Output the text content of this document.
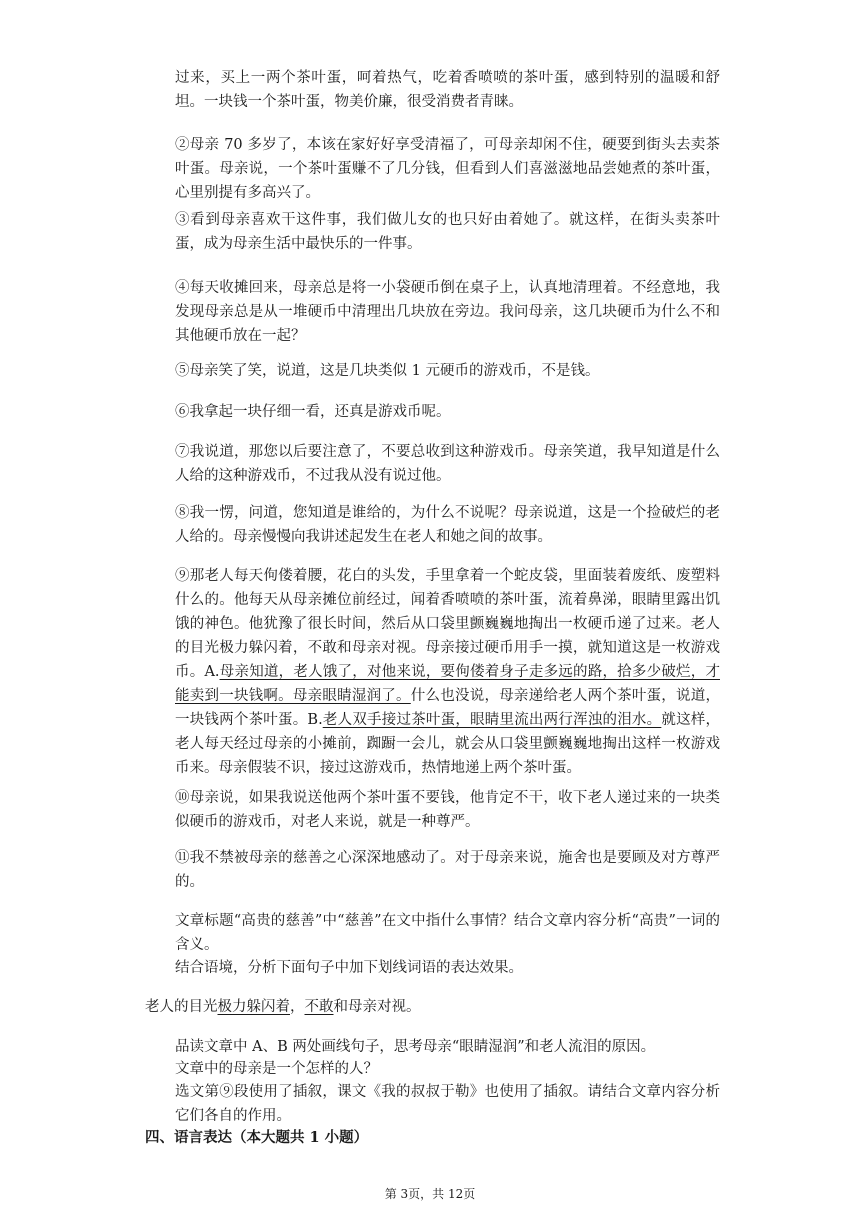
过来，买上一两个茶叶蛋，呵着热气，吃着香喷喷的茶叶蛋，感到特别的温暖和舒坦。一块钱一个茶叶蛋，物美价廉，很受消费者青睐。

②母亲 70 多岁了，本该在家好好享受清福了，可母亲却闲不住，硬要到街头去卖茶叶蛋。母亲说，一个茶叶蛋赚不了几分钱，但看到人们喜滋滋地品尝她煮的茶叶蛋，心里别提有多高兴了。

③看到母亲喜欢干这件事，我们做儿女的也只好由着她了。就这样，在街头卖茶叶蛋，成为母亲生活中最快乐的一件事。

④每天收摊回来，母亲总是将一小袋硬币倒在桌子上，认真地清理着。不经意地，我发现母亲总是从一堆硬币中清理出几块放在旁边。我问母亲，这几块硬币为什么不和其他硬币放在一起？

⑤母亲笑了笑，说道，这是几块类似 1 元硬币的游戏币，不是钱。

⑥我拿起一块仔细一看，还真是游戏币呢。

⑦我说道，那您以后要注意了，不要总收到这种游戏币。母亲笑道，我早知道是什么人给的这种游戏币，不过我从没有说过他。

⑧我一愣，问道，您知道是谁给的，为什么不说呢？母亲说道，这是一个捡破烂的老人给的。母亲慢慢向我讲述起发生在老人和她之间的故事。

⑨那老人每天佝偻着腰，花白的头发，手里拿着一个蛇皮袋，里面装着废纸、废塑料什么的。他每天从母亲摊位前经过，闻着香喷喷的茶叶蛋，流着鼻涕，眼睛里露出饥饿的神色。他犹豫了很长时间，然后从口袋里颤巍巍地掏出一枚硬币递了过来。老人的目光极力躲闪着，不敢和母亲对视。母亲接过硬币用手一摸，就知道这是一枚游戏币。A.母亲知道，老人饿了，对他来说，要佝偻着身子走多远的路，拾多少破烂，才能卖到一块钱啊。母亲眼睛湿润了。什么也没说，母亲递给老人两个茶叶蛋，说道，一块钱两个茶叶蛋。B.老人双手接过茶叶蛋，眼睛里流出两行浑浊的泪水。就这样，老人每天经过母亲的小摊前，踟蹰一会儿，就会从口袋里颤巍巍地掏出这样一枚游戏币来。母亲假装不识，接过这游戏币，热情地递上两个茶叶蛋。

⑩母亲说，如果我说送他两个茶叶蛋不要钱，他肯定不干，收下老人递过来的一块类似硬币的游戏币，对老人来说，就是一种尊严。

⑪我不禁被母亲的慈善之心深深地感动了。对于母亲来说，施舍也是要顾及对方尊严的。

文章标题“高贵的慈善”中“慈善”在文中指什么事情？结合文章内容分析“高贵”一词的含义。

结合语境，分析下面句子中加下划线词语的表达效果。

老人的目光极力躲闪着，不敢和母亲对视。

品读文章中 A、B 两处画线句子，思考母亲“眼睛湿润”和老人流泪的原因。

文章中的母亲是一个怎样的人？

选文第⑨段使用了插叙，课文《我的叔叔于勒》也使用了插叙。请结合文章内容分析它们各自的作用。

四、语言表达（本大题共 1 小题）

第 3页，共 12页
